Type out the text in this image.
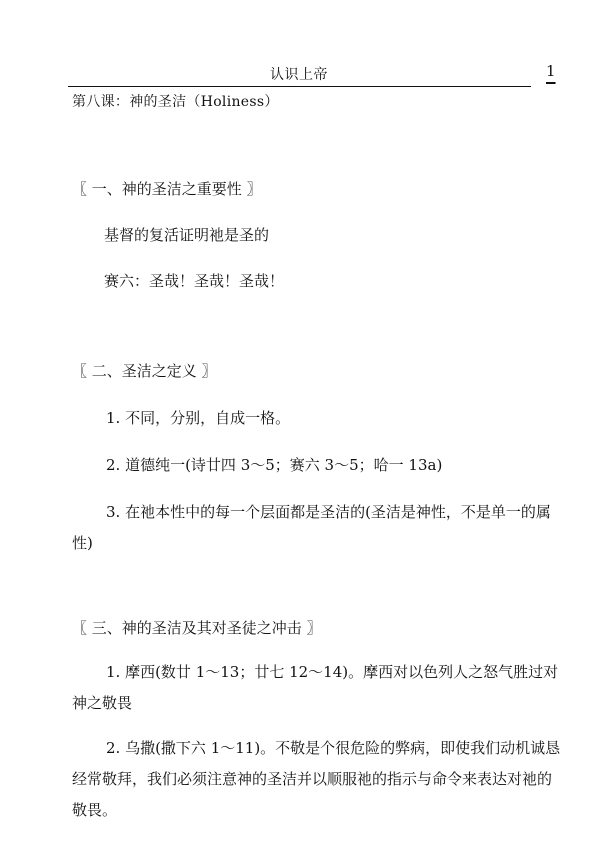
认识上帝	1
第八课：神的圣洁（Holiness）
〖 一、神的圣洁之重要性 〗
基督的复活证明祂是圣的
赛六：圣哉！圣哉！圣哉！
〖 二、圣洁之定义 〗
1. 不同，分别，自成一格。
2. 道德纯一(诗廿四 3～5；赛六 3～5；哈一 13a)
3. 在祂本性中的每一个层面都是圣洁的(圣洁是神性，不是单一的属性)
〖 三、神的圣洁及其对圣徒之冲击 〗
1. 摩西(数廿 1～13；廿七 12～14)。摩西对以色列人之怒气胜过对神之敬畏
2. 乌撒(撒下六 1～11)。不敬是个很危险的弊病，即使我们动机诚恳经常敬拜，我们必须注意神的圣洁并以顺服祂的指示与命令来表达对祂的敬畏。
